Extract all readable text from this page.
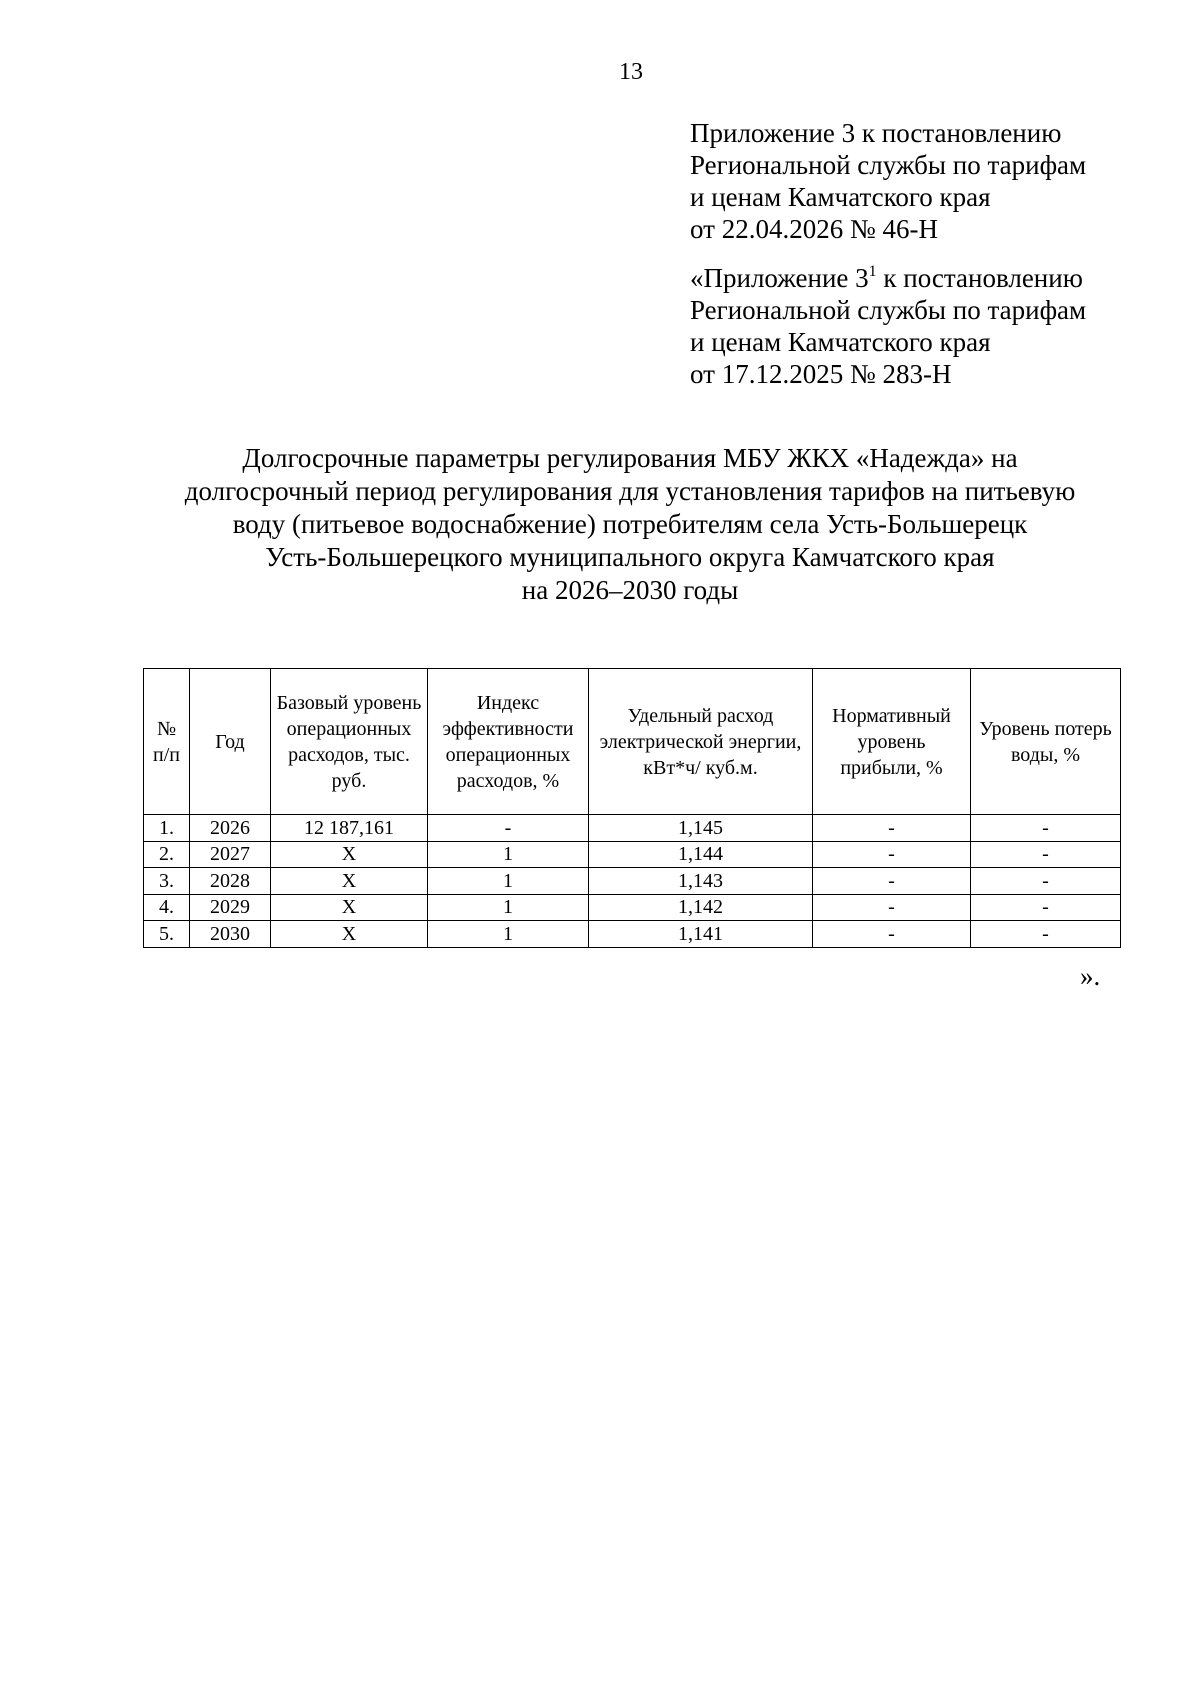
13
Приложение 3 к постановлению
Региональной службы по тарифам
и ценам Камчатского края
от 22.04.2026 № 46-Н
«Приложение $3^1$ к постановлению
Региональной службы по тарифам
и ценам Камчатского края
от 17.12.2025 № 283-Н
Долгосрочные параметры регулирования МБУ ЖКХ «Надежда» на
долгосрочный период регулирования для установления тарифов на питьевую
воду (питьевое водоснабжение) потребителям села Усть-Большерецк
Усть-Большерецкого муниципального округа Камчатского края
на 2026–2030 годы
№ п/п	Год	Базовый уровень операционных расходов, тыс. руб.	Индекс эффективности операционных расходов, %	Удельный расход электрической энергии, кВт*ч/ куб.м.	Нормативный уровень прибыли, %	Уровень потерь воды, %
1.	2026	12 187,161	-	1,145	-	-
2.	2027	Х	1	1,144	-	-
3.	2028	Х	1	1,143	-	-
4.	2029	Х	1	1,142	-	-
5.	2030	Х	1	1,141	-	-
».
